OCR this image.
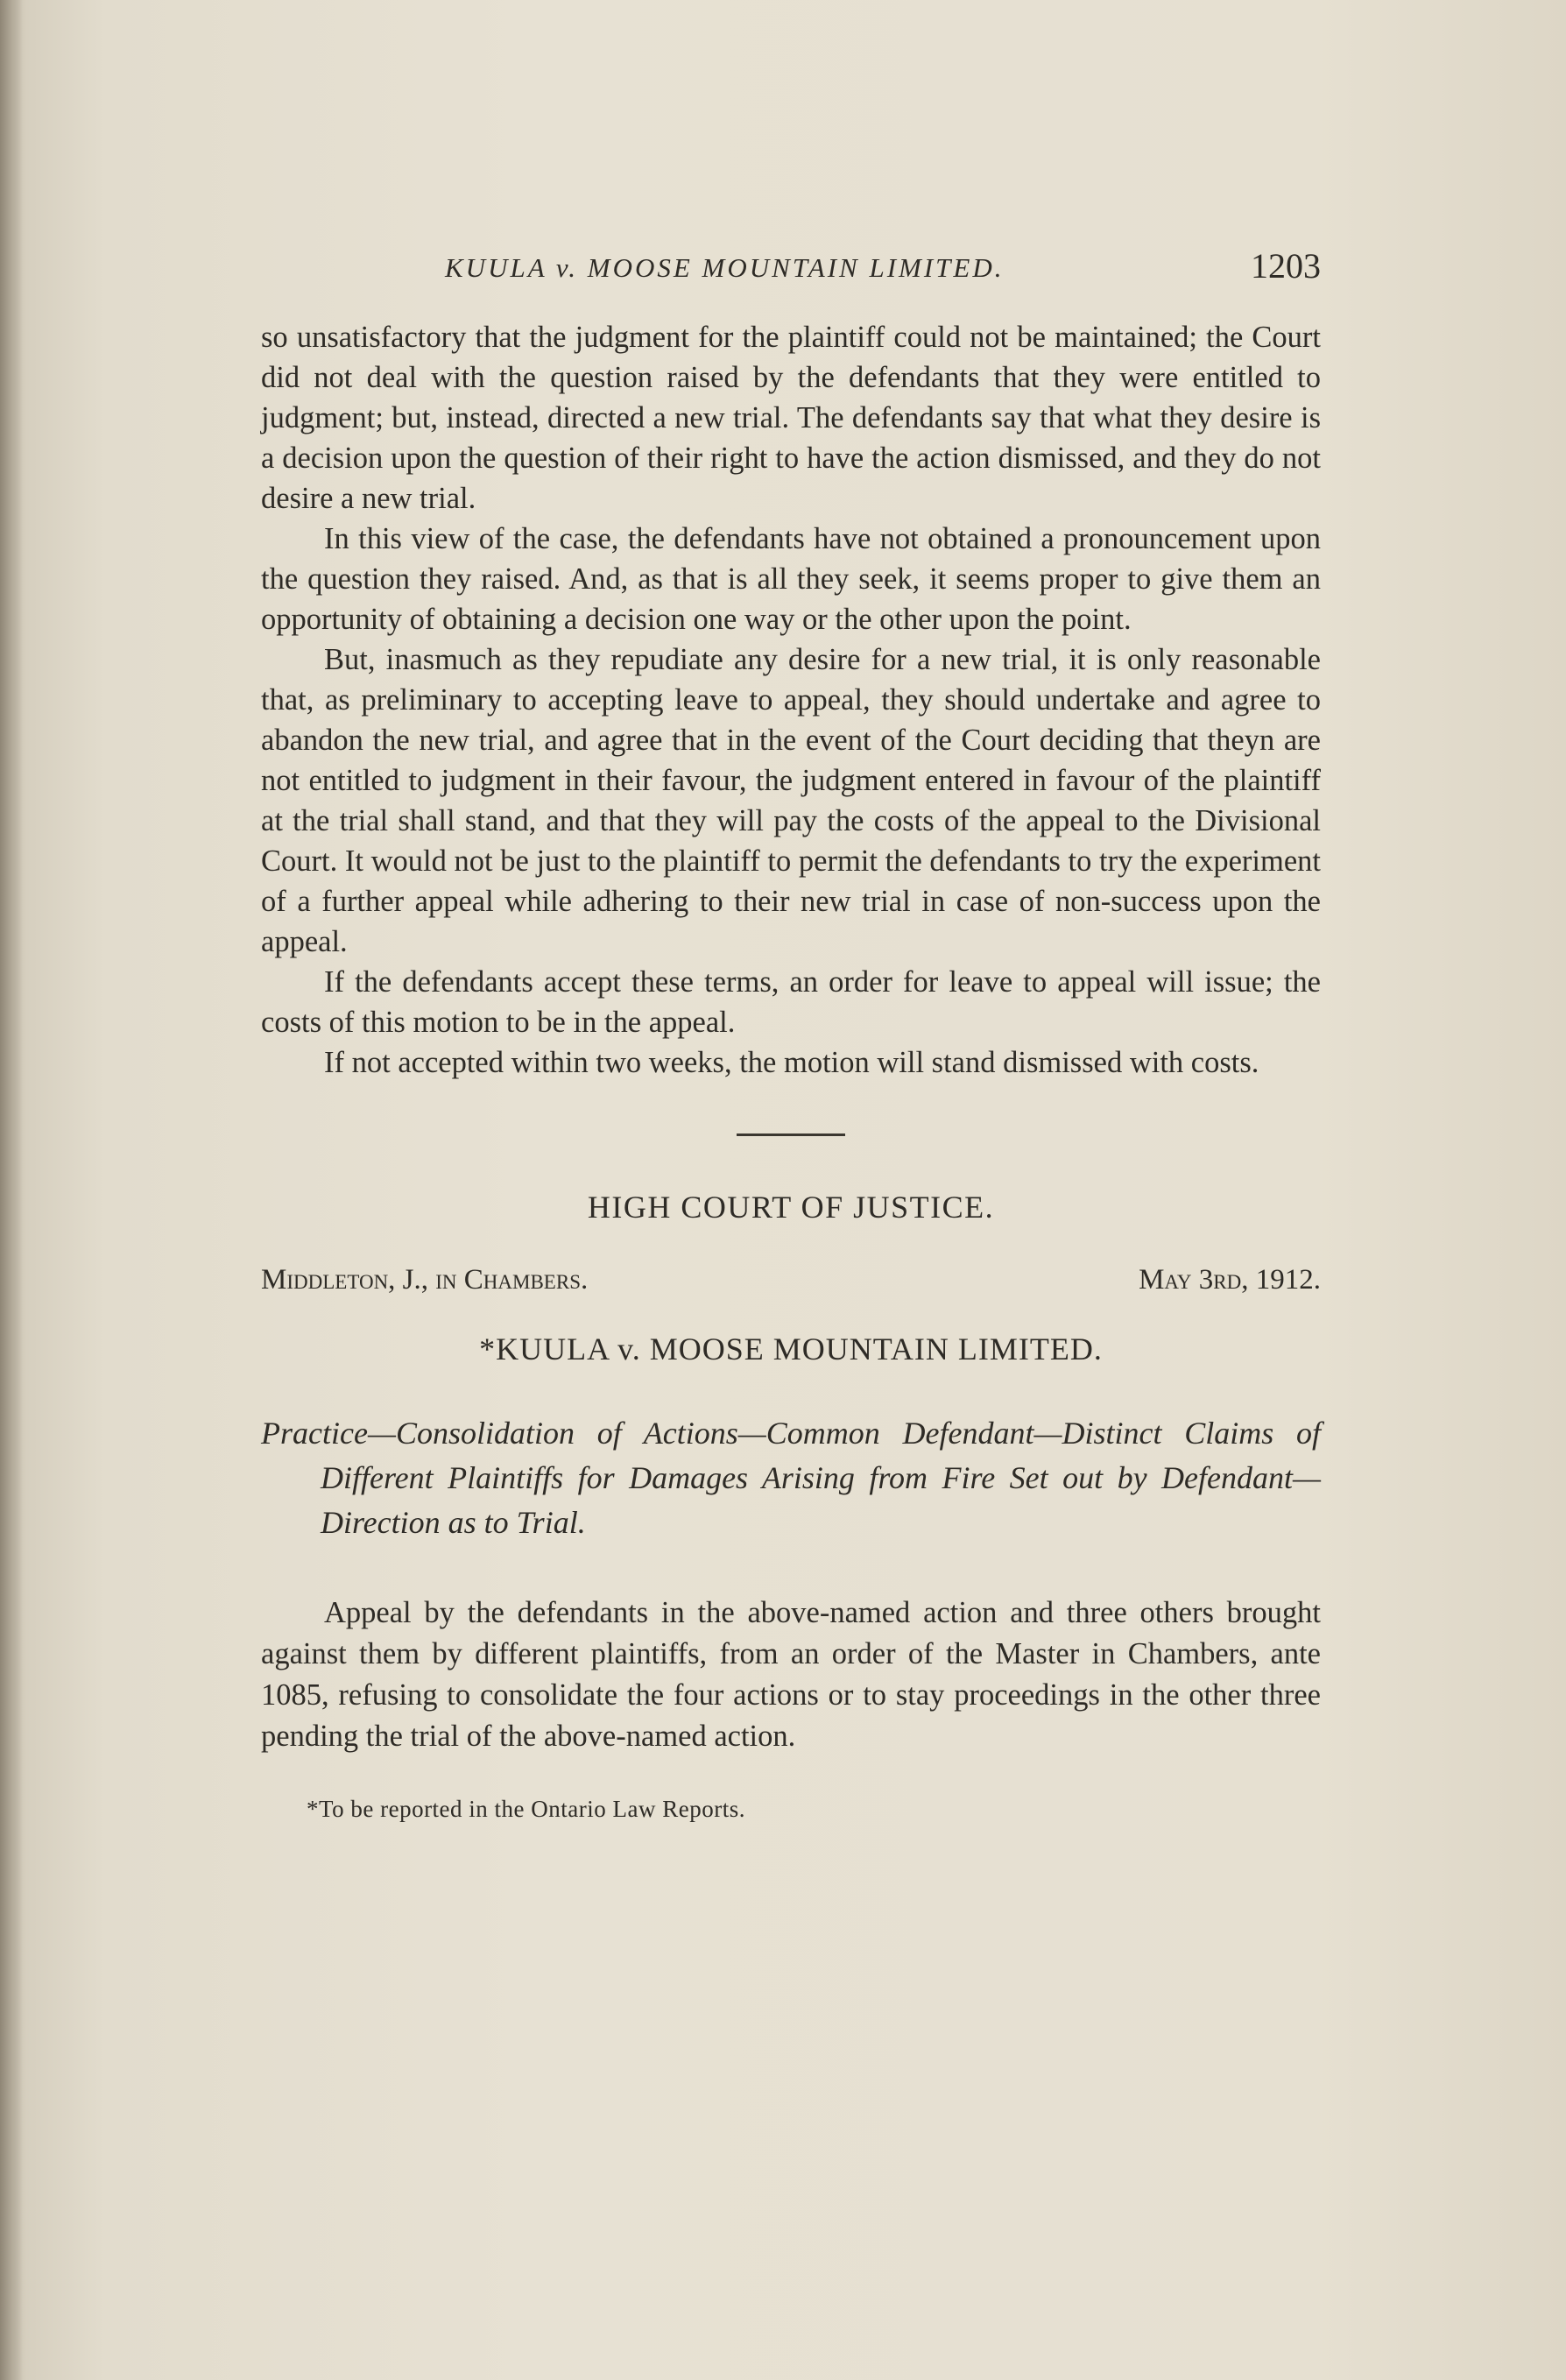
KUULA v. MOOSE MOUNTAIN LIMITED.	1203

so unsatisfactory that the judgment for the plaintiff could not be maintained; the Court did not deal with the question raised by the defendants that they were entitled to judgment; but, instead, directed a new trial. The defendants say that what they desire is a decision upon the question of their right to have the action dismissed, and they do not desire a new trial.

In this view of the case, the defendants have not obtained a pronouncement upon the question they raised. And, as that is all they seek, it seems proper to give them an opportunity of obtaining a decision one way or the other upon the point.

But, inasmuch as they repudiate any desire for a new trial, it is only reasonable that, as preliminary to accepting leave to appeal, they should undertake and agree to abandon the new trial, and agree that in the event of the Court deciding that theyn are not entitled to judgment in their favour, the judgment entered in favour of the plaintiff at the trial shall stand, and that they will pay the costs of the appeal to the Divisional Court. It would not be just to the plaintiff to permit the defendants to try the experiment of a further appeal while adhering to their new trial in case of non-success upon the appeal.

If the defendants accept these terms, an order for leave to appeal will issue; the costs of this motion to be in the appeal.

If not accepted within two weeks, the motion will stand dismissed with costs.

HIGH COURT OF JUSTICE.
Middleton, J., in Chambers.	May 3rd, 1912.
*KUULA v. MOOSE MOUNTAIN LIMITED.
Practice—Consolidation of Actions—Common Defendant—Distinct Claims of Different Plaintiffs for Damages Arising from Fire Set out by Defendant—Direction as to Trial.
Appeal by the defendants in the above-named action and three others brought against them by different plaintiffs, from an order of the Master in Chambers, ante 1085, refusing to consolidate the four actions or to stay proceedings in the other three pending the trial of the above-named action.
*To be reported in the Ontario Law Reports.
